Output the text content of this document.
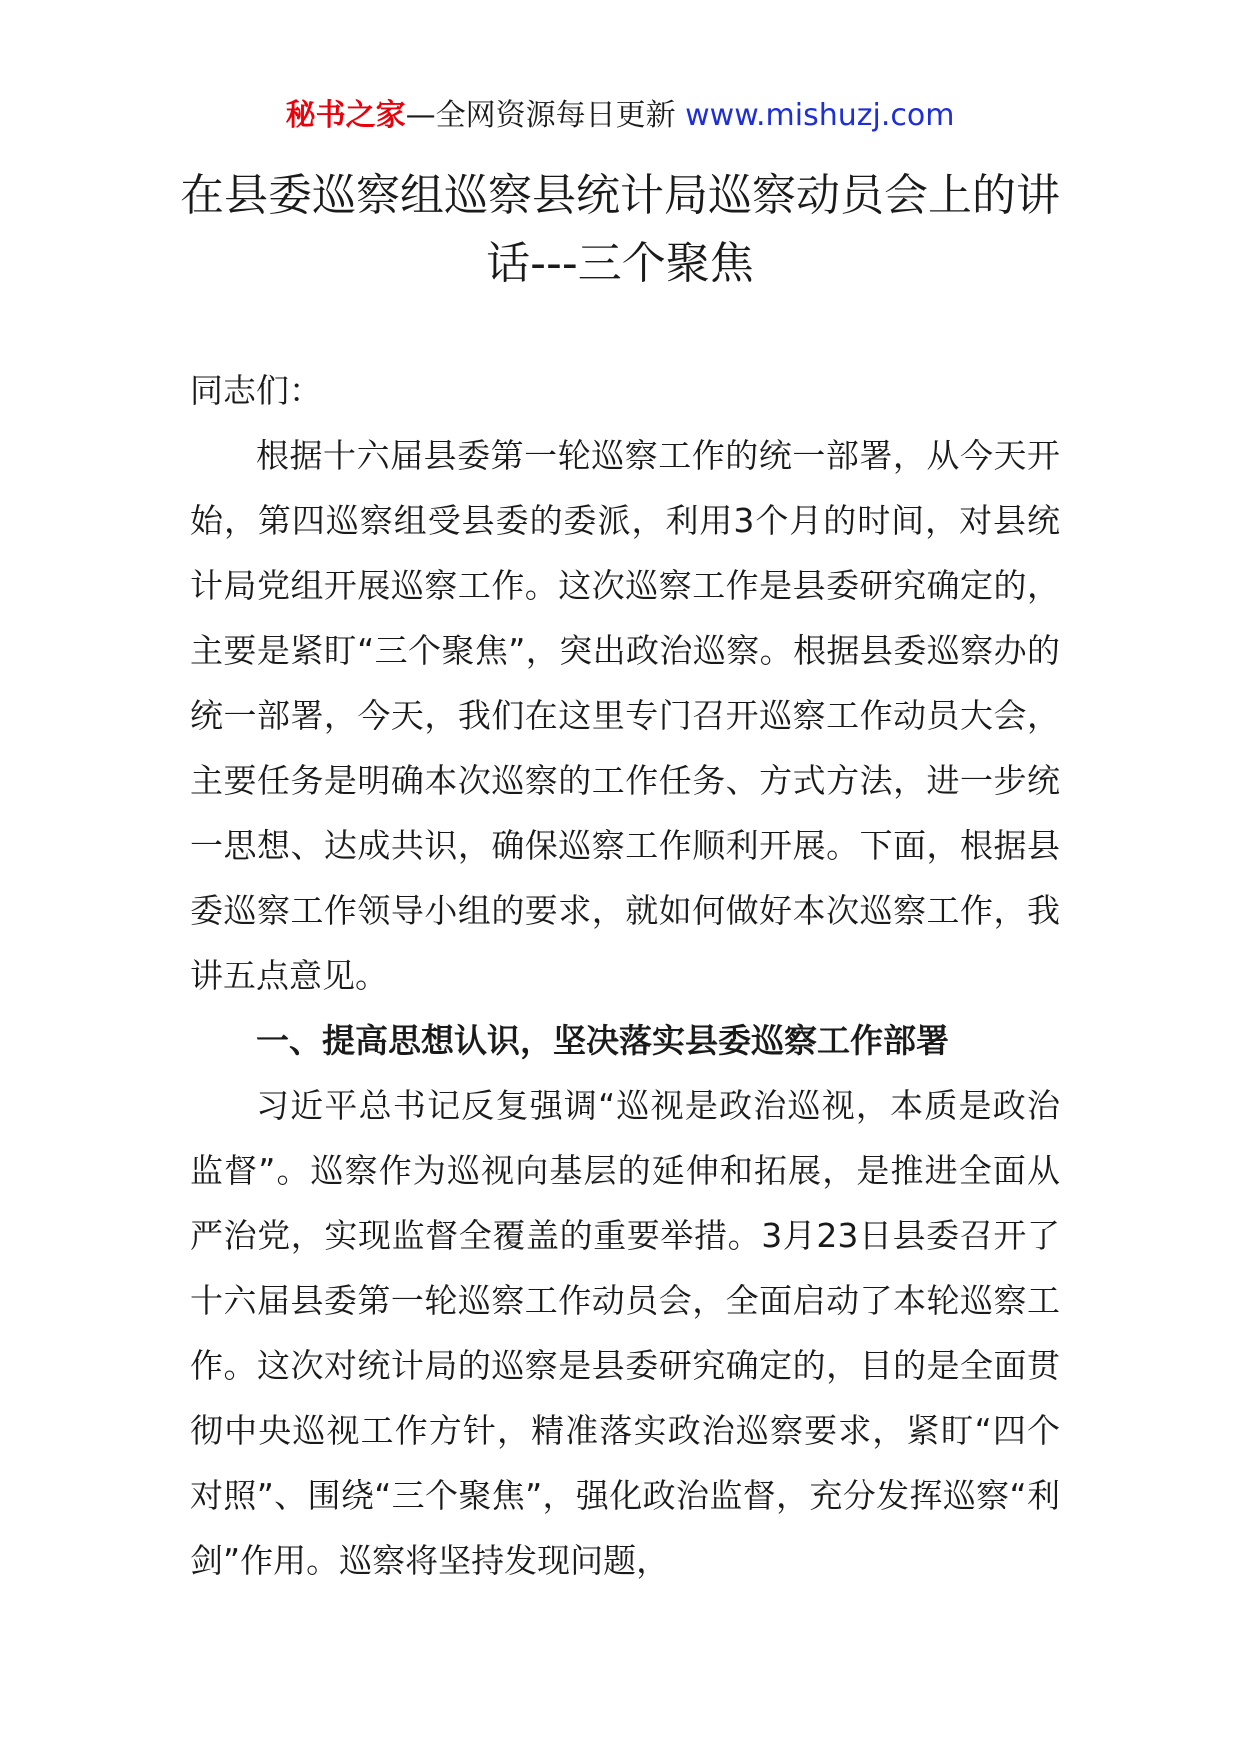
秘书之家—全网资源每日更新 www.mishuzj.com
在县委巡察组巡察县统计局巡察动员会上的讲话---三个聚焦

同志们：

根据十六届县委第一轮巡察工作的统一部署，从今天开始，第四巡察组受县委的委派，利用3个月的时间，对县统计局党组开展巡察工作。这次巡察工作是县委研究确定的，主要是紧盯“三个聚焦”，突出政治巡察。根据县委巡察办的统一部署，今天，我们在这里专门召开巡察工作动员大会，主要任务是明确本次巡察的工作任务、方式方法，进一步统一思想、达成共识，确保巡察工作顺利开展。下面，根据县委巡察工作领导小组的要求，就如何做好本次巡察工作，我讲五点意见。

一、提高思想认识，坚决落实县委巡察工作部署

习近平总书记反复强调“巡视是政治巡视，本质是政治监督”。巡察作为巡视向基层的延伸和拓展，是推进全面从严治党，实现监督全覆盖的重要举措。3月23日县委召开了十六届县委第一轮巡察工作动员会，全面启动了本轮巡察工作。这次对统计局的巡察是县委研究确定的，目的是全面贯彻中央巡视工作方针，精准落实政治巡察要求，紧盯“四个对照”、围绕“三个聚焦”，强化政治监督，充分发挥巡察“利剑”作用。巡察将坚持发现问题，
